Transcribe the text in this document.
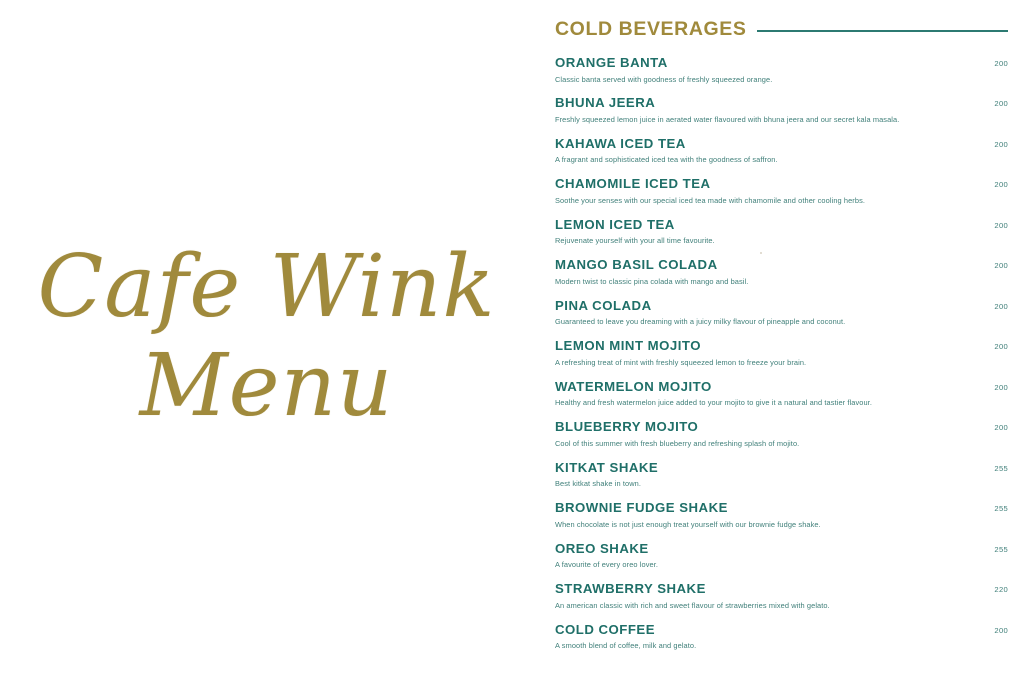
Cafe Wink
Menu
COLD BEVERAGES
ORANGE BANTA
Classic banta served with goodness of freshly squeezed orange.
200
BHUNA JEERA
Freshly squeezed lemon juice in aerated water flavoured with bhuna jeera and our secret kala masala.
200
KAHAWA ICED TEA
A fragrant and sophisticated iced tea with the goodness of saffron.
200
CHAMOMILE ICED TEA
Soothe your senses with our special iced tea made with chamomile and other cooling herbs.
200
LEMON ICED TEA
Rejuvenate yourself with your all time favourite.
200
MANGO BASIL COLADA
Modern twist to classic pina colada with mango and basil.
200
PINA COLADA
Guaranteed to leave you dreaming with a juicy milky flavour of pineapple and coconut.
200
LEMON MINT MOJITO
A refreshing treat of mint with freshly squeezed lemon to freeze your brain.
200
WATERMELON MOJITO
Healthy and fresh watermelon juice added to your mojito to give it a natural and tastier flavour.
200
BLUEBERRY MOJITO
Cool of this summer with fresh blueberry and refreshing splash of mojito.
200
KITKAT SHAKE
Best kitkat shake in town.
255
BROWNIE FUDGE SHAKE
When chocolate is not just enough treat yourself with our brownie fudge shake.
255
OREO SHAKE
A favourite of every oreo lover.
255
STRAWBERRY SHAKE
An american classic with rich and sweet flavour of strawberries mixed with gelato.
220
COLD COFFEE
A smooth blend of coffee, milk and gelato.
200
